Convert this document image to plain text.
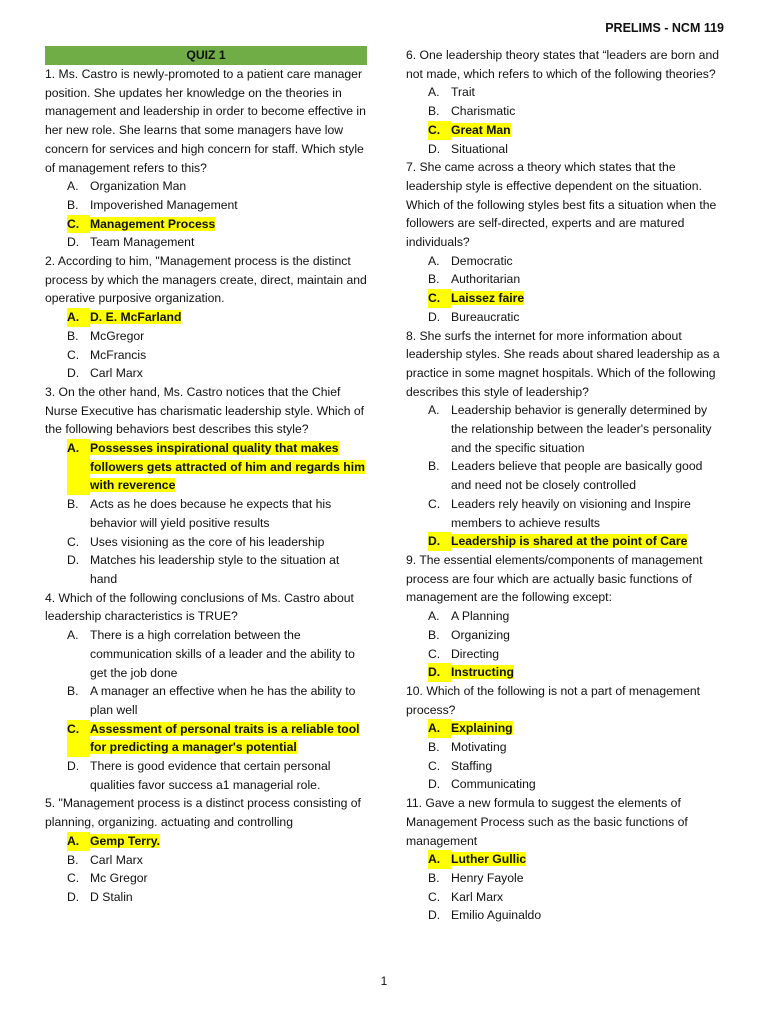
PRELIMS - NCM 119
QUIZ 1

1. Ms. Castro is newly-promoted to a patient care manager position. She updates her knowledge on the theories in management and leadership in order to become effective in her new role. She learns that some managers have low concern for services and high concern for staff. Which style of management refers to this?

A. Organization Man
B. Impoverished Management
C. Management Process
D. Team Management

2. According to him, "Management process is the distinct process by which the managers create, direct, maintain and operative purposive organization.

A. D. E. McFarland
B. McGregor
C. McFrancis
D. Carl Marx

3. On the other hand, Ms. Castro notices that the Chief Nurse Executive has charismatic leadership style. Which of the following behaviors best describes this style?

A. Possesses inspirational quality that makes followers gets attracted of him and regards him with reverence
B. Acts as he does because he expects that his behavior will yield positive results
C. Uses visioning as the core of his leadership
D. Matches his leadership style to the situation at hand

4. Which of the following conclusions of Ms. Castro about leadership characteristics is TRUE?

A. There is a high correlation between the communication skills of a leader and the ability to get the job done
B. A manager an effective when he has the ability to plan well
C. Assessment of personal traits is a reliable tool for predicting a manager's potential
D. There is good evidence that certain personal qualities favor success a1 managerial role.

5. "Management process is a distinct process consisting of planning, organizing. actuating and controlling

A. Gemp Terry.
B. Carl Marx
C. Mc Gregor
D. D Stalin

6. One leadership theory states that “leaders are born and not made, which refers to which of the following theories?

A. Trait
B. Charismatic
C. Great Man
D. Situational

7. She came across a theory which states that the leadership style is effective dependent on the situation. Which of the following styles best fits a situation when the followers are self-directed, experts and are matured individuals?

A. Democratic
B. Authoritarian
C. Laissez faire
D. Bureaucratic

8. She surfs the internet for more information about leadership styles. She reads about shared leadership as a practice in some magnet hospitals. Which of the following describes this style of leadership?

A. Leadership behavior is generally determined by the relationship between the leader's personality and the specific situation
B. Leaders believe that people are basically good and need not be closely controlled
C. Leaders rely heavily on visioning and Inspire members to achieve results
D. Leadership is shared at the point of Care

9. The essential elements/components of management process are four which are actually basic functions of management are the following except:

A. A Planning
B. Organizing
C. Directing
D. Instructing

10. Which of the following is not a part of menagement process?

A. Explaining
B. Motivating
C. Staffing
D. Communicating

11. Gave a new formula to suggest the elements of Management Process such as the basic functions of management

A. Luther Gullic
B. Henry Fayole
C. Karl Marx
D. Emilio Aguinaldo
1
